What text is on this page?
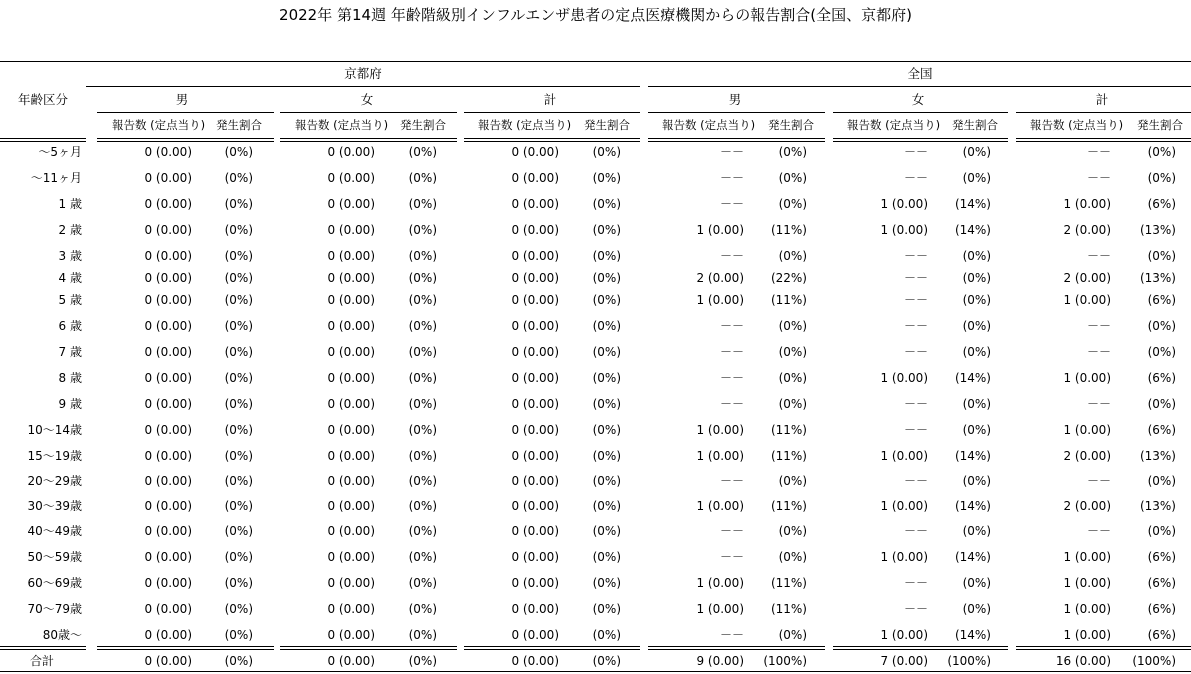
2022年 第14週 年齢階級別インフルエンザ患者の定点医療機関からの報告割合(全国、京都府)
年齢区分
京都府	全国
男	女	計	男	女	計
報告数 (定点当り) 発生割合	報告数 (定点当り) 発生割合	報告数 (定点当り) 発生割合	報告数 (定点当り) 発生割合	報告数 (定点当り) 発生割合	報告数 (定点当り) 発生割合
～5ヶ月	0 (0.00)	(0%)	0 (0.00)	(0%)	0 (0.00)	(0%)	－－	(0%)	－－	(0%)	－－	(0%)
～11ヶ月	0 (0.00)	(0%)	0 (0.00)	(0%)	0 (0.00)	(0%)	－－	(0%)	－－	(0%)	－－	(0%)
1 歳	0 (0.00)	(0%)	0 (0.00)	(0%)	0 (0.00)	(0%)	－－	(0%)	1 (0.00)	(14%)	1 (0.00)	(6%)
2 歳	0 (0.00)	(0%)	0 (0.00)	(0%)	0 (0.00)	(0%)	1 (0.00)	(11%)	1 (0.00)	(14%)	2 (0.00)	(13%)
3 歳	0 (0.00)	(0%)	0 (0.00)	(0%)	0 (0.00)	(0%)	－－	(0%)	－－	(0%)	－－	(0%)
4 歳	0 (0.00)	(0%)	0 (0.00)	(0%)	0 (0.00)	(0%)	2 (0.00)	(22%)	－－	(0%)	2 (0.00)	(13%)
5 歳	0 (0.00)	(0%)	0 (0.00)	(0%)	0 (0.00)	(0%)	1 (0.00)	(11%)	－－	(0%)	1 (0.00)	(6%)
6 歳	0 (0.00)	(0%)	0 (0.00)	(0%)	0 (0.00)	(0%)	－－	(0%)	－－	(0%)	－－	(0%)
7 歳	0 (0.00)	(0%)	0 (0.00)	(0%)	0 (0.00)	(0%)	－－	(0%)	－－	(0%)	－－	(0%)
8 歳	0 (0.00)	(0%)	0 (0.00)	(0%)	0 (0.00)	(0%)	－－	(0%)	1 (0.00)	(14%)	1 (0.00)	(6%)
9 歳	0 (0.00)	(0%)	0 (0.00)	(0%)	0 (0.00)	(0%)	－－	(0%)	－－	(0%)	－－	(0%)
10～14歳	0 (0.00)	(0%)	0 (0.00)	(0%)	0 (0.00)	(0%)	1 (0.00)	(11%)	－－	(0%)	1 (0.00)	(6%)
15～19歳	0 (0.00)	(0%)	0 (0.00)	(0%)	0 (0.00)	(0%)	1 (0.00)	(11%)	1 (0.00)	(14%)	2 (0.00)	(13%)
20～29歳	0 (0.00)	(0%)	0 (0.00)	(0%)	0 (0.00)	(0%)	－－	(0%)	－－	(0%)	－－	(0%)
30～39歳	0 (0.00)	(0%)	0 (0.00)	(0%)	0 (0.00)	(0%)	1 (0.00)	(11%)	1 (0.00)	(14%)	2 (0.00)	(13%)
40～49歳	0 (0.00)	(0%)	0 (0.00)	(0%)	0 (0.00)	(0%)	－－	(0%)	－－	(0%)	－－	(0%)
50～59歳	0 (0.00)	(0%)	0 (0.00)	(0%)	0 (0.00)	(0%)	－－	(0%)	1 (0.00)	(14%)	1 (0.00)	(6%)
60～69歳	0 (0.00)	(0%)	0 (0.00)	(0%)	0 (0.00)	(0%)	1 (0.00)	(11%)	－－	(0%)	1 (0.00)	(6%)
70～79歳	0 (0.00)	(0%)	0 (0.00)	(0%)	0 (0.00)	(0%)	1 (0.00)	(11%)	－－	(0%)	1 (0.00)	(6%)
80歳～	0 (0.00)	(0%)	0 (0.00)	(0%)	0 (0.00)	(0%)	－－	(0%)	1 (0.00)	(14%)	1 (0.00)	(6%)
合計	0 (0.00)	(0%)	0 (0.00)	(0%)	0 (0.00)	(0%)	9 (0.00)	(100%)	7 (0.00)	(100%)	16 (0.00)	(100%)
